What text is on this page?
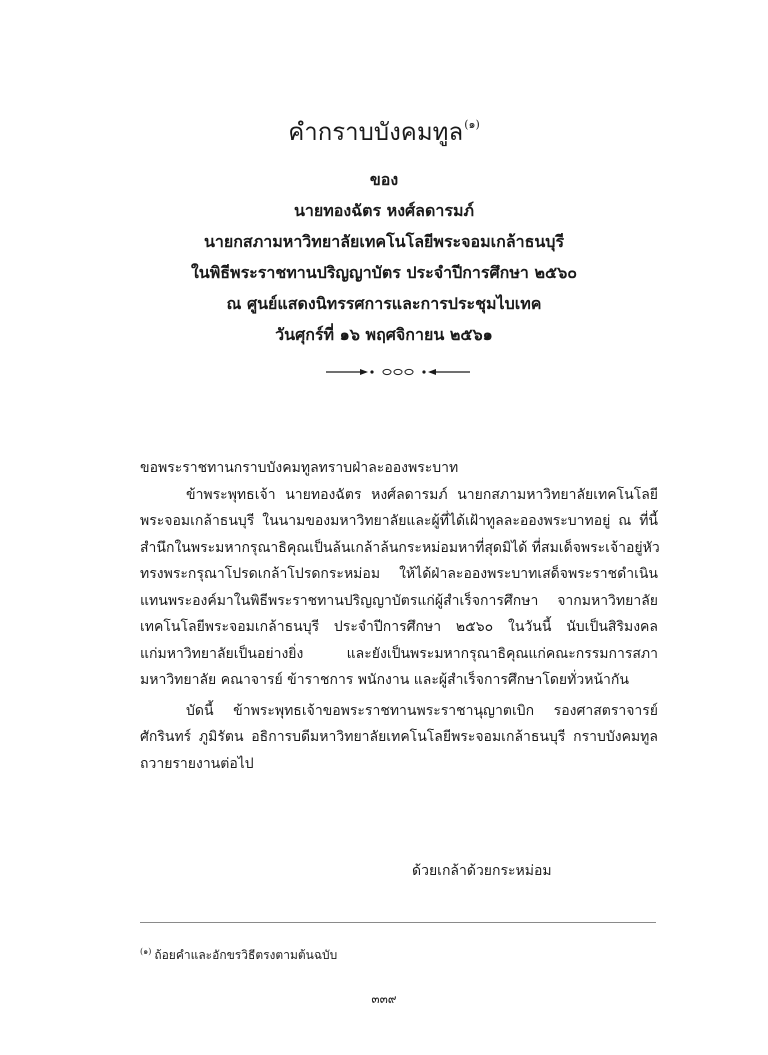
คำกราบบังคมทูล$^{(๑)}$
ของ
นายทองฉัตร หงศ์ลดารมภ์
นายกสภามหาวิทยาลัยเทคโนโลยีพระจอมเกล้าธนบุรี
ในพิธีพระราชทานปริญญาบัตร ประจำปีการศึกษา ๒๕๖๐
ณ ศูนย์แสดงนิทรรศการและการประชุมไบเทค
วันศุกร์ที่ ๑๖ พฤศจิกายน ๒๕๖๑

ขอพระราชทานกราบบังคมทูลทราบฝ่าละอองพระบาท

ข้าพระพุทธเจ้า นายทองฉัตร หงศ์ลดารมภ์ นายกสภามหาวิทยาลัยเทคโนโลยี
พระจอมเกล้าธนบุรี ในนามของมหาวิทยาลัยและผู้ที่ได้เฝ้าทูลละอองพระบาทอยู่ ณ ที่นี้
สำนึกในพระมหากรุณาธิคุณเป็นล้นเกล้าล้นกระหม่อมหาที่สุดมิได้ ที่สมเด็จพระเจ้าอยู่หัว
ทรงพระกรุณาโปรดเกล้าโปรดกระหม่อม ให้ได้ฝ่าละอองพระบาทเสด็จพระราชดำเนิน
แทนพระองค์มาในพิธีพระราชทานปริญญาบัตรแก่ผู้สำเร็จการศึกษา จากมหาวิทยาลัย
เทคโนโลยีพระจอมเกล้าธนบุรี ประจำปีการศึกษา ๒๕๖๐ ในวันนี้ นับเป็นสิริมงคล
แก่มหาวิทยาลัยเป็นอย่างยิ่ง และยังเป็นพระมหากรุณาธิคุณแก่คณะกรรมการสภา
มหาวิทยาลัย คณาจารย์ ข้าราชการ พนักงาน และผู้สำเร็จการศึกษาโดยทั่วหน้ากัน

บัดนี้ ข้าพระพุทธเจ้าขอพระราชทานพระราชานุญาตเบิก รองศาสตราจารย์
ศักรินทร์ ภูมิรัตน อธิการบดีมหาวิทยาลัยเทคโนโลยีพระจอมเกล้าธนบุรี กราบบังคมทูล
ถวายรายงานต่อไป

ด้วยเกล้าด้วยกระหม่อม
$^{(๑)}$ ถ้อยคำและอักขรวิธีตรงตามต้นฉบับ
๓๓๙
